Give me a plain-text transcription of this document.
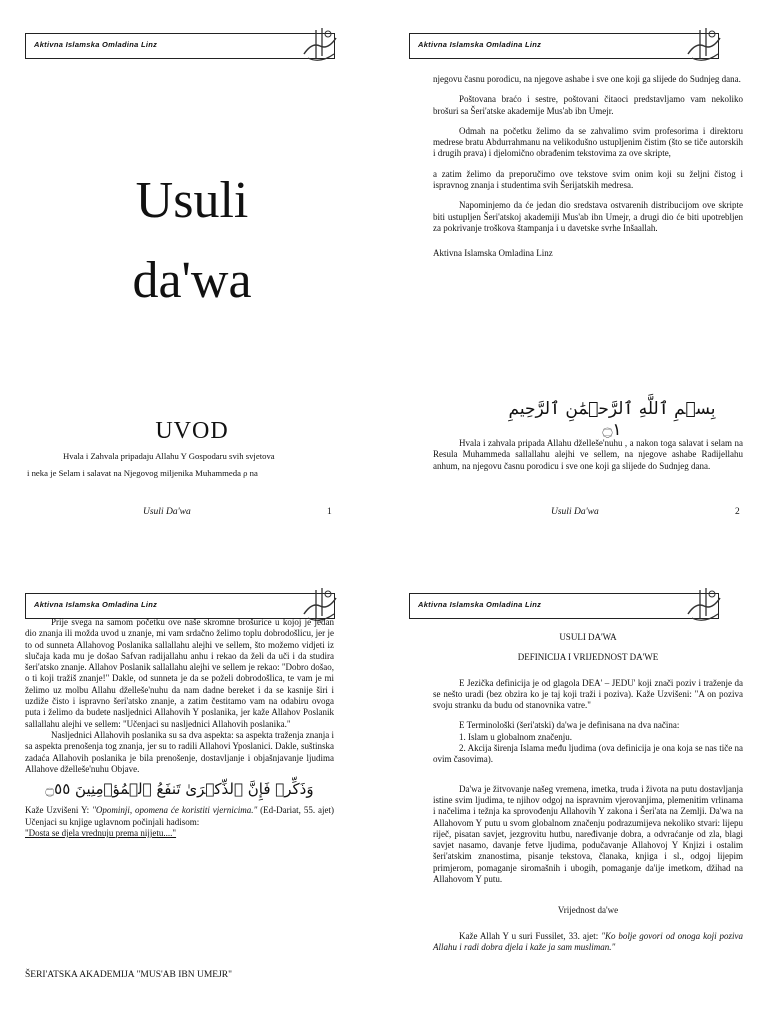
Aktivna Islamska Omladina Linz
Usuli
da'wa
UVOD
Hvala i Zahvala pripadaju Allahu Y Gospodaru svih svjetova
i neka je Selam i salavat na Njegovog miljenika Muhammeda ρ na
Usuli Da'wa	1
Aktivna Islamska Omladina Linz

njegovu časnu porodicu, na njegove ashabe i sve one koji ga slijede do Sudnjeg dana.

Poštovana braćo i sestre, poštovani čitaoci predstavljamo vam nekoliko brošuri sa Šeri'atske akademije Mus'ab ibn Umejr.

Odmah na početku želimo da se zahvalimo svim profesorima i direktoru medrese bratu Abdurrahmanu na velikodušno ustupljenim čistim (što se tiče autorskih i drugih prava) i djelomično obrađenim tekstovima za ove skripte,

a zatim želimo da preporučimo ove tekstove svim onim koji su željni čistog i ispravnog znanja i studentima svih Šerijatskih medresa.

Napominjemo da će jedan dio sredstava ostvarenih distribucijom ove skripte biti ustupljen Šeri'atskoj akademiji Mus'ab ibn Umejr, a drugi dio će biti upotrebljen za pokrivanje troškova štampanja i u davetske svrhe Inšaallah.

Aktivna Islamska Omladina Linz

بِسۡمِ ٱللَّهِ ٱلرَّحۡمَٰنِ ٱلرَّحِيمِ ۝١

Hvala i zahvala pripada Allahu dželleše'nuhu , a nakon toga salavat i selam na Resula Muhammeda sallallahu alejhi ve sellem, na njegove ashabe Radijellahu anhum, na njegovu časnu porodicu i sve one koji ga slijede do Sudnjeg dana.

Usuli Da'wa	2
Aktivna Islamska Omladina Linz

Prije svega na samom početku ove naše skromne brošurice u kojoj je jedan dio znanja ili možda uvod u znanje, mi vam srdačno želimo toplu dobrodošlicu, jer je to od sunneta Allahovog Poslanika sallallahu alejhi ve sellem, što možemo vidjeti iz slučaja kada mu je došao Safvan radijallahu anhu i rekao da želi da uči i da studira šeri'atsko znanje. Allahov Poslanik sallallahu alejhi ve sellem je rekao: "Dobro došao, o ti koji tražiš znanje!" Dakle, od sunneta je da se poželi dobrodošlica, te vam je mi želimo uz molbu Allahu dželleše'nuhu da nam dadne bereket i da se kasnije širi i uzdiže čisto i ispravno šeri'atsko znanje, a zatim čestitamo vam na odabiru ovoga puta i želimo da budete nasljednici Allahovih Y poslanika, jer kaže Allahov Poslanik sallallahu alejhi ve sellem: "Učenjaci su nasljednici Allahovih poslanika."

Nasljednici Allahovih poslanika su sa dva aspekta: sa aspekta traženja znanja i sa aspekta prenošenja tog znanja, jer su to radili Allahovi Yposlanici. Dakle, suštinska zadaća Allahovih poslanika je bila prenošenje, dostavljanje i objašnjavanje ljudima Allahove dželleše'nuhu Objave.

وَذَكِّرۡ فَإِنَّ ٱلذِّكۡرَىٰ تَنفَعُ ٱلۡمُؤۡمِنِينَ ۝٥٥

Kaže Uzvišeni Y: "Opominji, opomena će koristiti vjernicima." (Ed-Dariat, 55. ajet) Učenjaci su knjige uglavnom počinjali hadisom:
"Dosta se djela vrednuju prema nijjetu...."

ŠERI'ATSKA AKADEMIJA "MUS'AB IBN UMEJR"
Aktivna Islamska Omladina Linz

USULI DA'WA

DEFINICIJA I VRIJEDNOST DA'WE

E Jezička definicija je od glagola DEA' – JEDU' koji znači poziv i traženje da se nešto uradi (bez obzira ko je taj koji traži i poziva). Kaže Uzvišeni: "A on poziva svoju stranku da budu od stanovnika vatre."

E Terminološki (šeri'atski) da'wa je definisana na dva načina:

1. Islam u globalnom značenju.

2. Akcija širenja Islama među ljudima (ova definicija je ona koja se nas tiče na ovim časovima).

Da'wa je žitvovanje našeg vremena, imetka, truda i života na putu dostavljanja istine svim ljudima, te njihov odgoj na ispravnim vjerovanjima, plemenitim vrlinama i načelima i težnja ka sprovođenju Allahovih Y zakona i Šeri'ata na Zemlji. Da'wa na Allahovom Y putu u svom globalnom značenju podrazumijeva nekoliko stvari: lijepu riječ, pisatan savjet, jezgrovitu hutbu, naređivanje dobra, a odvraćanje od zla, blagi savjet nasamo, davanje fetve ljudima, podučavanje Allahovoj Y Knjizi i ostalim šeri'atskim znanostima, pisanje tekstova, članaka, knjiga i sl., odgoj lijepim primjerom, pomaganje siromašnih i ubogih, pomaganje da'ije imetkom, džihad na Allahovom Y putu.

Vrijednost da'we

Kaže Allah Y u suri Fussilet, 33. ajet: "Ko bolje govori od onoga koji poziva Allahu i radi dobra djela i kaže ja sam musliman."
